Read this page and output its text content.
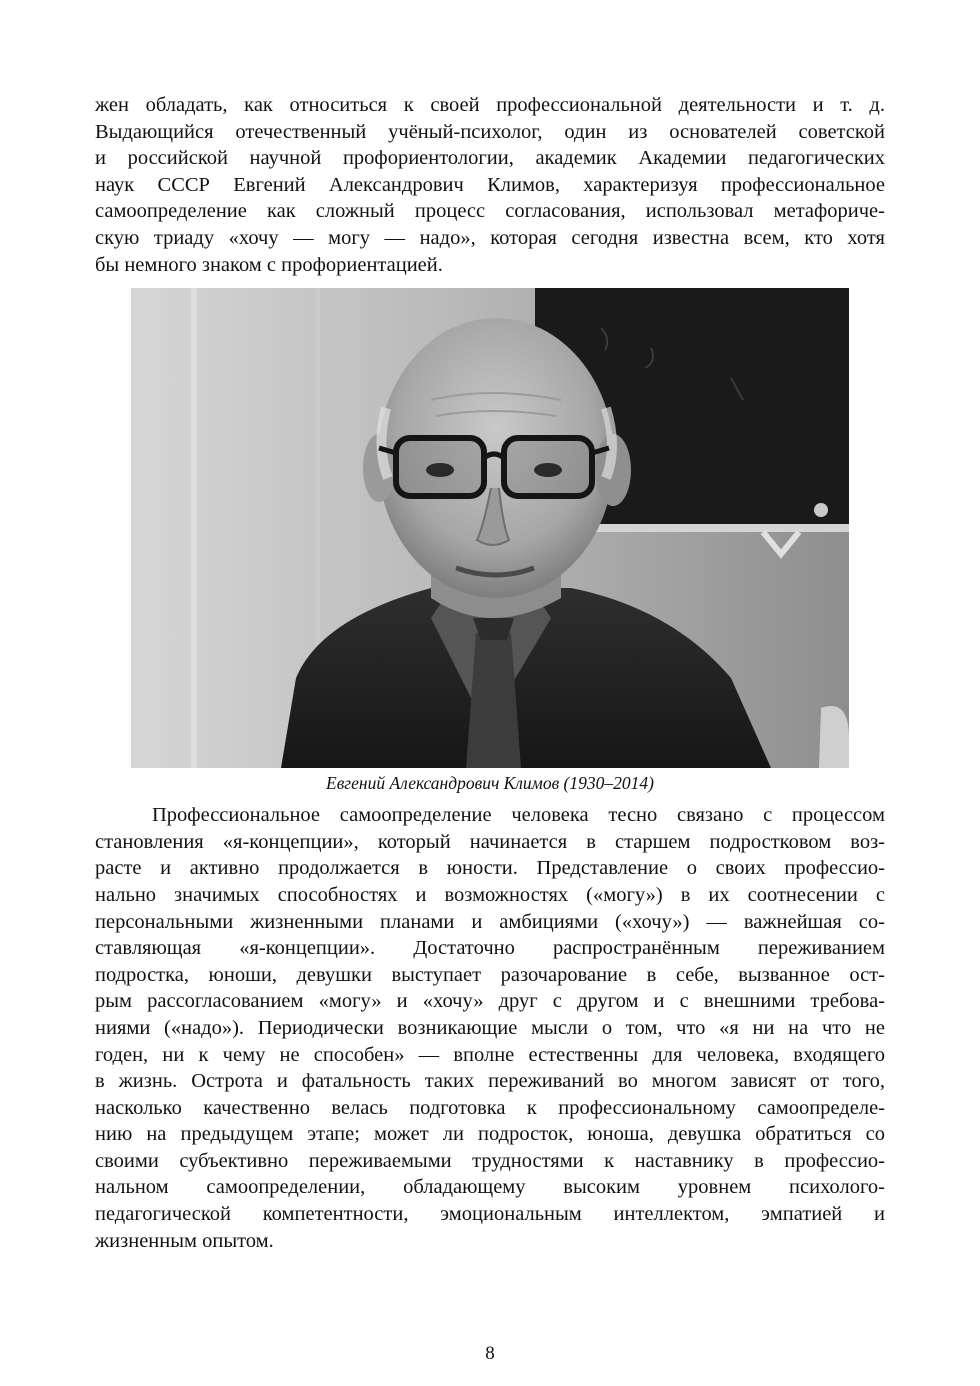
жен обладать, как относиться к своей профессиональной деятельности и т. д.
Выдающийся отечественный учёный-психолог, один из основателей советской
и российской научной профориентологии, академик Академии педагогических
наук СССР Евгений Александрович Климов, характеризуя профессиональное
самоопределение как сложный процесс согласования, использовал метафориче-
скую триаду «хочу — могу — надо», которая сегодня известна всем, кто хотя
бы немного знаком с профориентацией.
Евгений Александрович Климов (1930–2014)
Профессиональное самоопределение человека тесно связано с процессом
становления «я-концепции», который начинается в старшем подростковом воз-
расте и активно продолжается в юности. Представление о своих профессио-
нально значимых способностях и возможностях («могу») в их соотнесении с
персональными жизненными планами и амбициями («хочу») — важнейшая со-
ставляющая «я-концепции». Достаточно распространённым переживанием
подростка, юноши, девушки выступает разочарование в себе, вызванное ост-
рым рассогласованием «могу» и «хочу» друг с другом и с внешними требова-
ниями («надо»). Периодически возникающие мысли о том, что «я ни на что не
годен, ни к чему не способен» — вполне естественны для человека, входящего
в жизнь. Острота и фатальность таких переживаний во многом зависят от того,
насколько качественно велась подготовка к профессиональному самоопределе-
нию на предыдущем этапе; может ли подросток, юноша, девушка обратиться со
своими субъективно переживаемыми трудностями к наставнику в профессио-
нальном самоопределении, обладающему высоким уровнем психолого-
педагогической компетентности, эмоциональным интеллектом, эмпатией и
жизненным опытом.
8
